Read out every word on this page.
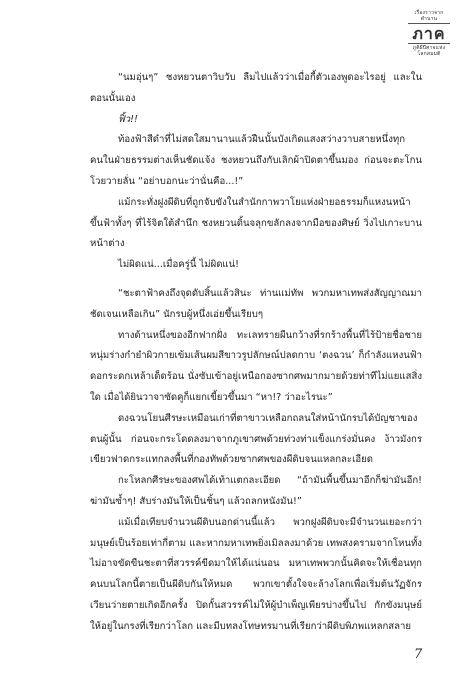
เรื่องราวจาก
ตำนาน
ภาค
ภูติผีปีศาจแห่ง
โลกสมมติ

“นมอุ่นๆ” ชงหยวนตาวิบวับ ลืมไปแล้วว่าเมื่อกี้ตัวเองพูดอะไรอยู่ และในตอนนั้นเอง

ฟิ้ว!!

ท้องฟ้าสีดำที่ไม่สดใสมานานแล้วฝืนนั้นบังเกิดแสงสว่างวาบสายหนึ่งทุกคนในฝ่ายธรรมต่างเห็นชัดแจ้ง ชงหยวนถึงกับเลิกผ้าปิดตาขึ้นมอง ก่อนจะตะโกนโวยวายลั่น “อย่าบอกนะว่านั่นคือ...!”

แม้กระทั่งฝูงผีดิบที่ถูกจับขังในสำนักกาพวาโยแห่งฝ่ายอธรรมก็แหงนหน้าขึ้นฟ้าทั้งๆ ที่ไร้จิตใต้สำนึก ชงหยวนดิ้นจลุกขลักลงจากมือของศิษย์ วิ่งไปเกาะบานหน้าต่าง

ไม่ผิดแน่...เมื่อครู่นี้ ไม่ผิดแน่!

“ชะตาฟ้าคงถึงจุดดับสิ้นแล้วสินะ ท่านแม่ทัพ พวกมหาเทพส่งสัญญาณมาชัดเจนเหลือเกิน” นักรบผู้หนึ่งเอ่ยขึ้นเรียบๆ

ทางด้านหนึ่งของอีกฟากฝั่ง ทะเลทรายผืนกว้างที่รกร้างพื้นที่ไร้ป้ายชื่อชายหนุ่มร่างกำยำผิวกายเข้มเส้นผมสีขาวรูปลักษณ์ปลดกาบ ‘ตงฉวน’ ก็กำลังแหงนฟ้าดอกระดกเหล้าเด็ดร้อน นั่งซับเข้าอยู่เหนือกองซากศพมากมายด้วยท่าทีไม่แยแสสิ่งใด เมื่อได้ยินวาจาซัดคูก็แยกเขี้ยวขึ้นมา “หา!? ว่าอะไรนะ”

ดงฉวนโยนศีรษะเหมือนเก่าที่ตาขาวเหลือกถลนใส่หน้านักรบได้บัญชาของตนผู้นั้น ก่อนจะกระโดดลงมาจากภูเขาศพด้วยท่วงท่าแข็งแกร่งมั่นคง ง้าวมังกรเขียวฟาดกระแทกลงพื้นที่กองทัพด้วยซากศพของผีดิบจนแหลกละเอียด

กะโหลกศีรษะของศพได้เท้าแตกละเอียด “ถ้ามันพื้นขึ้นมาอีกก็ฆ่ามันอีก! ฆ่ามันซ้ำๆ! สับร่างมันให้เป็นชิ้นๆ แล้วถลกหนังมัน!”

แม้เมื่อเทียบจำนวนผีดิบนอกด่านนี้แล้ว พวกฝูงผีดิบจะมีจำนวนเยอะกว่ามนุษย์เป็นร้อยเท่ากี่ตาม และหากมหาเทพยิ่งเมิลลงมาด้วย เทพสงครามจากโหนทั้งไม่อาจขัดขืนชะตาที่สวรรค์ขีดมาให้ได้แน่นอน มหาเทพพวกนั้นคิดจะให้เชื่อนทุกคนบนโลกนี้ตายเป็นผีดิบกันให้หมด พวกเขาตั้งใจจะล้างโลกเพื่อเริ่มต้นวัฏจักรเวียนว่ายตายเกิดอีกครั้ง ปิดกั้นสวรรค์ไม่ให้ผู้บำเพ็ญเพียรบ่างขึ้นไป กักขังมนุษย์ให้อยู่ในกรงที่เรียกว่าโลก และมีบทลงโทษทรมานที่เรียกว่าผีดิบพิภพแหลกสลาย

7
